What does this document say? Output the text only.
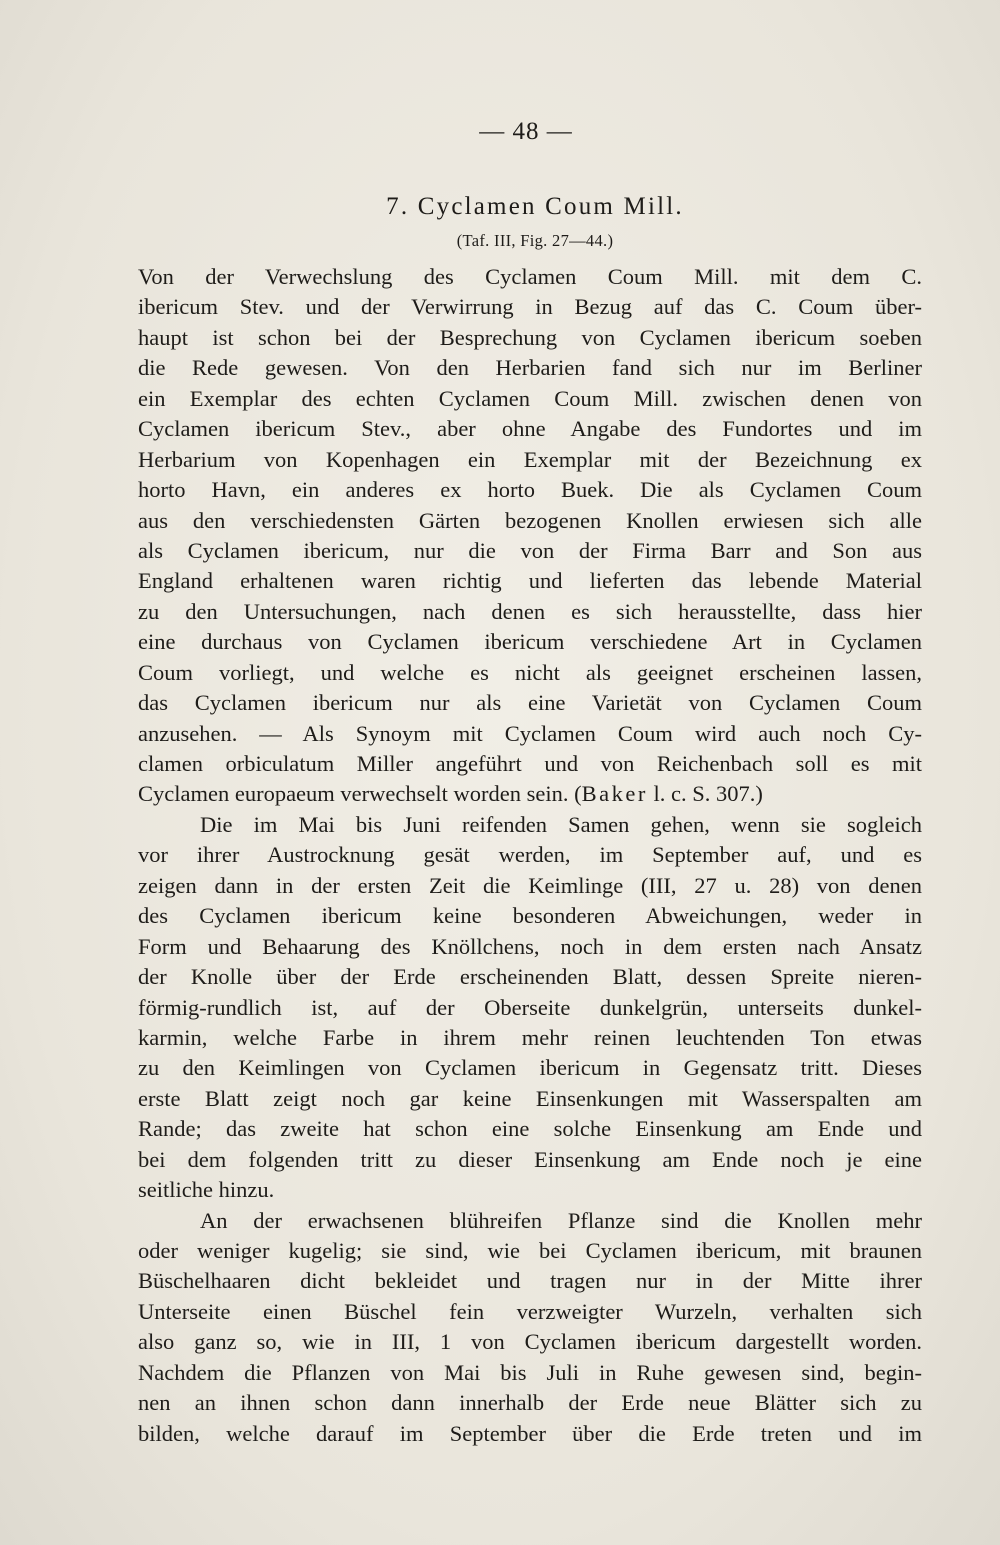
— 48 —
7. Cyclamen Coum Mill.
(Taf. III, Fig. 27—44.)
Von der Verwechslung des Cyclamen Coum Mill. mit dem C.
ibericum Stev. und der Verwirrung in Bezug auf das C. Coum über-
haupt ist schon bei der Besprechung von Cyclamen ibericum soeben
die Rede gewesen. Von den Herbarien fand sich nur im Berliner
ein Exemplar des echten Cyclamen Coum Mill. zwischen denen von
Cyclamen ibericum Stev., aber ohne Angabe des Fundortes und im
Herbarium von Kopenhagen ein Exemplar mit der Bezeichnung ex
horto Havn, ein anderes ex horto Buek. Die als Cyclamen Coum
aus den verschiedensten Gärten bezogenen Knollen erwiesen sich alle
als Cyclamen ibericum, nur die von der Firma Barr and Son aus
England erhaltenen waren richtig und lieferten das lebende Material
zu den Untersuchungen, nach denen es sich herausstellte, dass hier
eine durchaus von Cyclamen ibericum verschiedene Art in Cyclamen
Coum vorliegt, und welche es nicht als geeignet erscheinen lassen,
das Cyclamen ibericum nur als eine Varietät von Cyclamen Coum
anzusehen. — Als Synoym mit Cyclamen Coum wird auch noch Cy-
clamen orbiculatum Miller angeführt und von Reichenbach soll es mit
Cyclamen europaeum verwechselt worden sein. (Baker l. c. S. 307.)
Die im Mai bis Juni reifenden Samen gehen, wenn sie sogleich
vor ihrer Austrocknung gesät werden, im September auf, und es
zeigen dann in der ersten Zeit die Keimlinge (III, 27 u. 28) von denen
des Cyclamen ibericum keine besonderen Abweichungen, weder in
Form und Behaarung des Knöllchens, noch in dem ersten nach Ansatz
der Knolle über der Erde erscheinenden Blatt, dessen Spreite nieren-
förmig-rundlich ist, auf der Oberseite dunkelgrün, unterseits dunkel-
karmin, welche Farbe in ihrem mehr reinen leuchtenden Ton etwas
zu den Keimlingen von Cyclamen ibericum in Gegensatz tritt. Dieses
erste Blatt zeigt noch gar keine Einsenkungen mit Wasserspalten am
Rande; das zweite hat schon eine solche Einsenkung am Ende und
bei dem folgenden tritt zu dieser Einsenkung am Ende noch je eine
seitliche hinzu.
An der erwachsenen blühreifen Pflanze sind die Knollen mehr
oder weniger kugelig; sie sind, wie bei Cyclamen ibericum, mit braunen
Büschelhaaren dicht bekleidet und tragen nur in der Mitte ihrer
Unterseite einen Büschel fein verzweigter Wurzeln, verhalten sich
also ganz so, wie in III, 1 von Cyclamen ibericum dargestellt worden.
Nachdem die Pflanzen von Mai bis Juli in Ruhe gewesen sind, begin-
nen an ihnen schon dann innerhalb der Erde neue Blätter sich zu
bilden, welche darauf im September über die Erde treten und im
